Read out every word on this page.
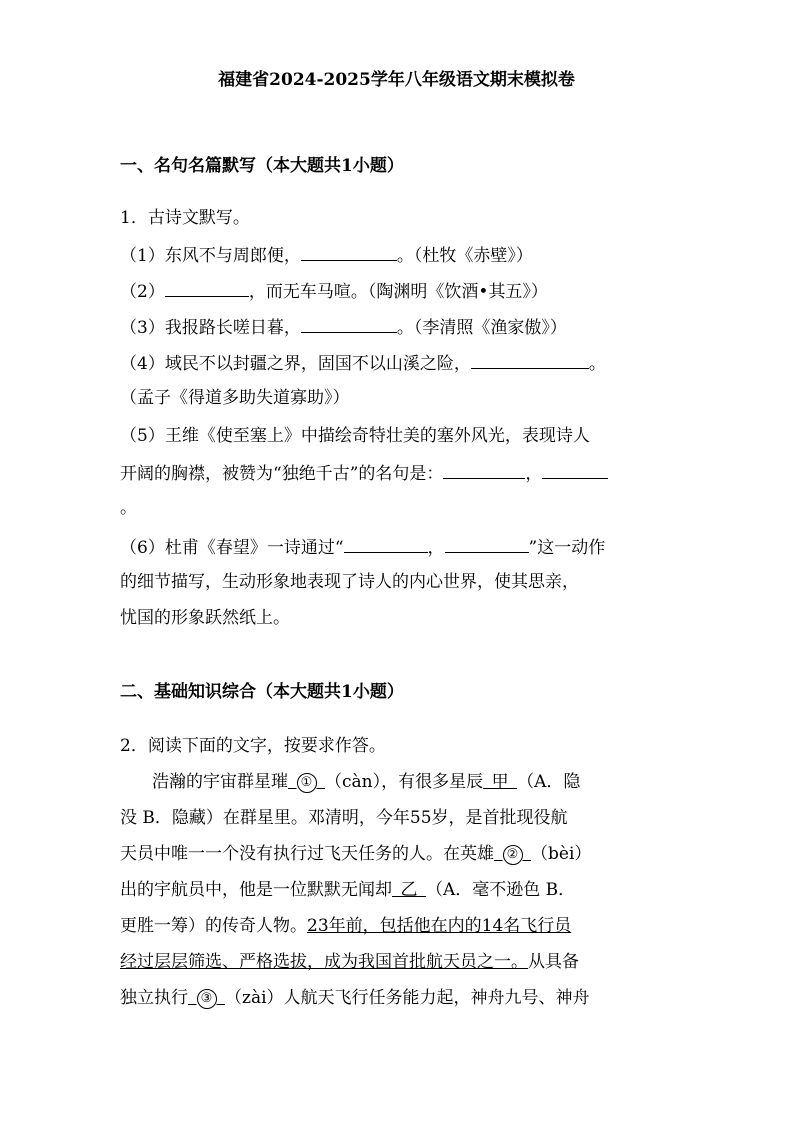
福建省2024-2025学年八年级语文期末模拟卷
一、名句名篇默写（本大题共1小题）
1．古诗文默写。
（1）东风不与周郎便，	。（杜牧《赤壁》）
（2）	，而无车马喧。（陶渊明《饮酒•其五》）
（3）我报路长嗟日暮，	。（李清照《渔家傲》）
（4）域民不以封疆之界，固国不以山溪之险，	。
（孟子《得道多助失道寡助》）
（5）王维《使至塞上》中描绘奇特壮美的塞外风光，表现诗人
开阔的胸襟，被赞为“独绝千古”的名句是：	，
。
（6）杜甫《春望》一诗通过“	，	”这一动作
的细节描写，生动形象地表现了诗人的内心世界，使其思亲，
忧国的形象跃然纸上。
二、基础知识综合（本大题共1小题）
2．阅读下面的文字，按要求作答。
浩瀚的宇宙群星璀  ①  （càn），有很多星辰  甲  （A．隐
没 B．隐藏）在群星里。邓清明，今年55岁，是首批现役航
天员中唯一一个没有执行过飞天任务的人。在英雄  ②  （bèi）
出的宇航员中，他是一位默默无闻却  乙  （A．毫不逊色 B．
更胜一筹）的传奇人物。23年前，包括他在内的14名飞行员
经过层层筛选、严格选拔，成为我国首批航天员之一。从具备
独立执行  ③  （zài）人航天飞行任务能力起，神舟九号、神舟
